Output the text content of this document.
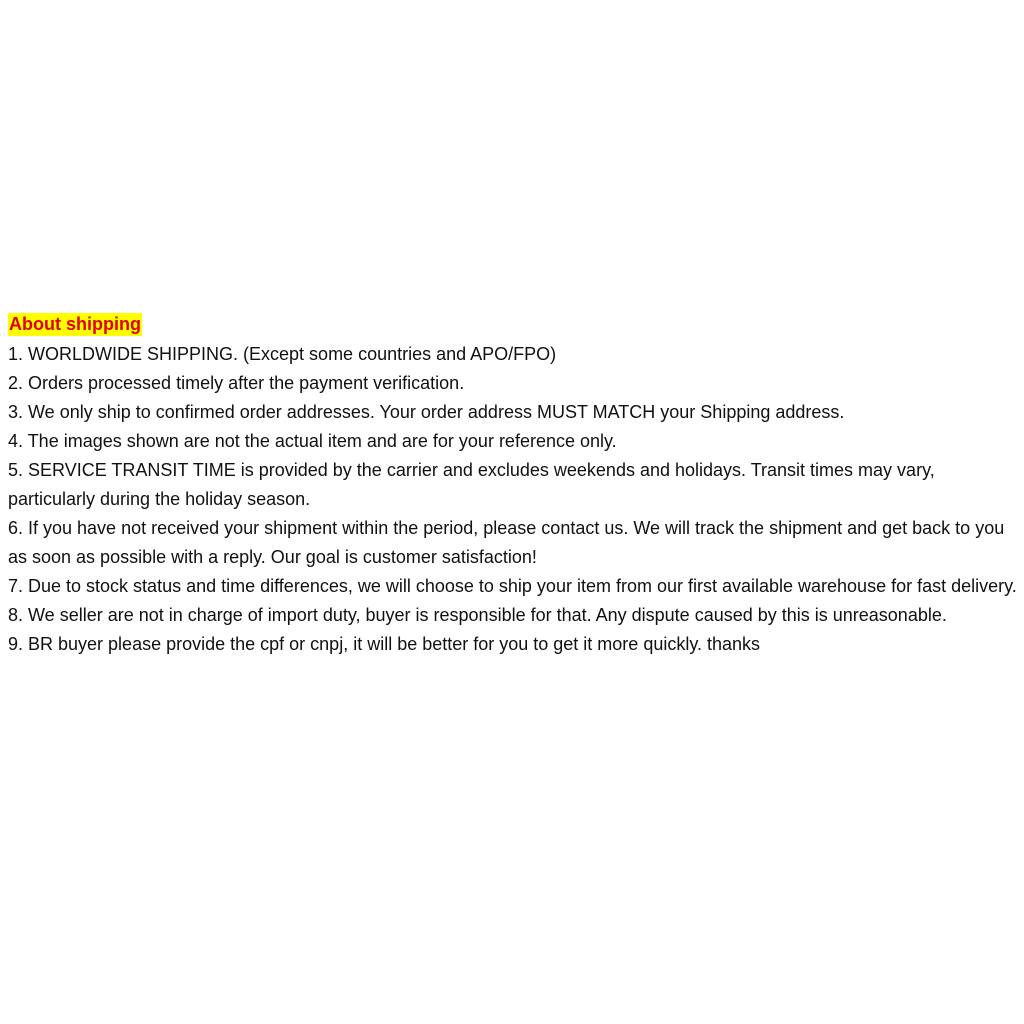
About shipping

1. WORLDWIDE SHIPPING. (Except some countries and APO/FPO)

2. Orders processed timely after the payment verification.

3. We only ship to confirmed order addresses. Your order address MUST MATCH your Shipping address.

4. The images shown are not the actual item and are for your reference only.

5. SERVICE TRANSIT TIME is provided by the carrier and excludes weekends and holidays. Transit times may vary, particularly during the holiday season.

6. If you have not received your shipment within the period, please contact us. We will track the shipment and get back to you as soon as possible with a reply. Our goal is customer satisfaction!

7. Due to stock status and time differences, we will choose to ship your item from our first available warehouse for fast delivery.

8. We seller are not in charge of import duty, buyer is responsible for that. Any dispute caused by this is unreasonable.

9. BR buyer please provide the cpf or cnpj, it will be better for you to get it more quickly. thanks
